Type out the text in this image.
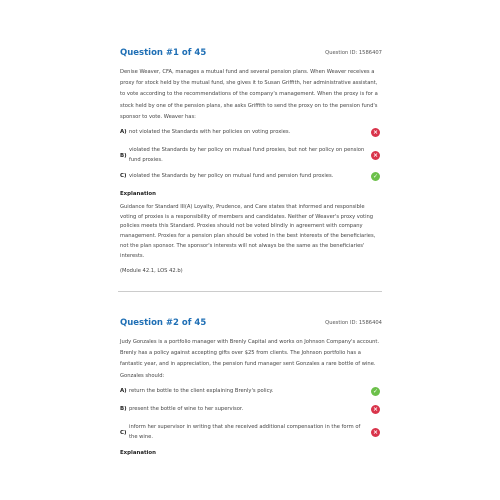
Question #1 of 45	Question ID: 1586407
Denise Weaver, CFA, manages a mutual fund and several pension plans. When Weaver receives a proxy for stock held by the mutual fund, she gives it to Susan Griffith, her administrative assistant, to vote according to the recommendations of the company's management. When the proxy is for a stock held by one of the pension plans, she asks Griffith to send the proxy on to the pension fund's sponsor to vote. Weaver has:
A) not violated the Standards with her policies on voting proxies.	×
B)
violated the Standards by her policy on mutual fund proxies, but not her policy on pension fund proxies.
×
C) violated the Standards by her policy on mutual fund and pension fund proxies.	✓
Explanation
Guidance for Standard III(A) Loyalty, Prudence, and Care states that informed and responsible voting of proxies is a responsibility of members and candidates. Neither of Weaver's proxy voting policies meets this Standard. Proxies should not be voted blindly in agreement with company management. Proxies for a pension plan should be voted in the best interests of the beneficiaries, not the plan sponsor. The sponsor's interests will not always be the same as the beneficiaries' interests.
(Module 42.1, LOS 42.b)
Question #2 of 45	Question ID: 1586404
Judy Gonzales is a portfolio manager with Brenly Capital and works on Johnson Company's account. Brenly has a policy against accepting gifts over $25 from clients. The Johnson portfolio has a fantastic year, and in appreciation, the pension fund manager sent Gonzales a rare bottle of wine. Gonzales should:
A) return the bottle to the client explaining Brenly's policy.	✓
B) present the bottle of wine to her supervisor.	×
C)
inform her supervisor in writing that she received additional compensation in the form of the wine.
×
Explanation
